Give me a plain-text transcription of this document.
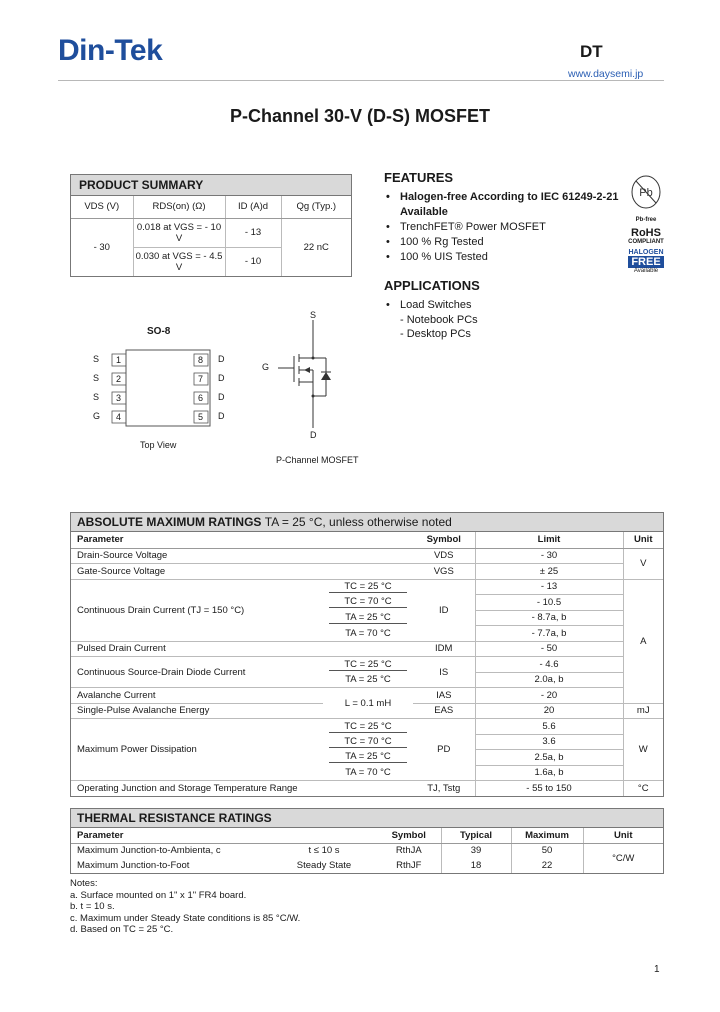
Din-Tek	DT
www.daysemi.jp
P-Channel 30-V (D-S) MOSFET
PRODUCT SUMMARY
VDS (V)	RDS(on) (Ω)	ID (A)d	Qg (Typ.)
- 30	0.018 at VGS = - 10 V	- 13	22 nC
	0.030 at VGS = - 4.5 V	- 10	
FEATURES
• Halogen-free According to IEC 61249-2-21 Available
• TrenchFET® Power MOSFET
• 100 % Rg Tested
• 100 % UIS Tested
APPLICATIONS
• Load Switches
- Notebook PCs
- Desktop PCs
Pb
Pb-free
RoHS
COMPLIANT
HALOGEN
FREE
Available
SO-8
S
S
S
G
1
2
3
4
8
7
6
5
D
D
D
D
Top View
S
G
D
P-Channel MOSFET
ABSOLUTE MAXIMUM RATINGS TA = 25 °C, unless otherwise noted
Parameter		Symbol	Limit	Unit
Drain-Source Voltage		VDS	- 30	V
Gate-Source Voltage		VGS	± 25	
Continuous Drain Current (TJ = 150 °C)	TC = 25 °C	ID	- 13	A
	TC = 70 °C		- 10.5	
	TA = 25 °C		- 8.7a, b	
	TA = 70 °C		- 7.7a, b	
Pulsed Drain Current		IDM	- 50	
Continuous Source-Drain Diode Current	TC = 25 °C	IS	- 4.6	
	TA = 25 °C		2.0a, b	
Avalanche Current	L = 0.1 mH	IAS	- 20	
Single-Pulse Avalanche Energy		EAS	20	mJ
Maximum Power Dissipation	TC = 25 °C	PD	5.6	W
	TC = 70 °C		3.6	
	TA = 25 °C		2.5a, b	
	TA = 70 °C		1.6a, b	
Operating Junction and Storage Temperature Range		TJ, Tstg	- 55 to 150	°C
THERMAL RESISTANCE RATINGS
Parameter		Symbol	Typical	Maximum	Unit
Maximum Junction-to-Ambienta, c	t ≤ 10 s	RthJA	39	50	°C/W
Maximum Junction-to-Foot	Steady State	RthJF	18	22	
Notes:
a. Surface mounted on 1" x 1" FR4 board.
b. t = 10 s.
c. Maximum under Steady State conditions is 85 °C/W.
d. Based on TC = 25 °C.
1
